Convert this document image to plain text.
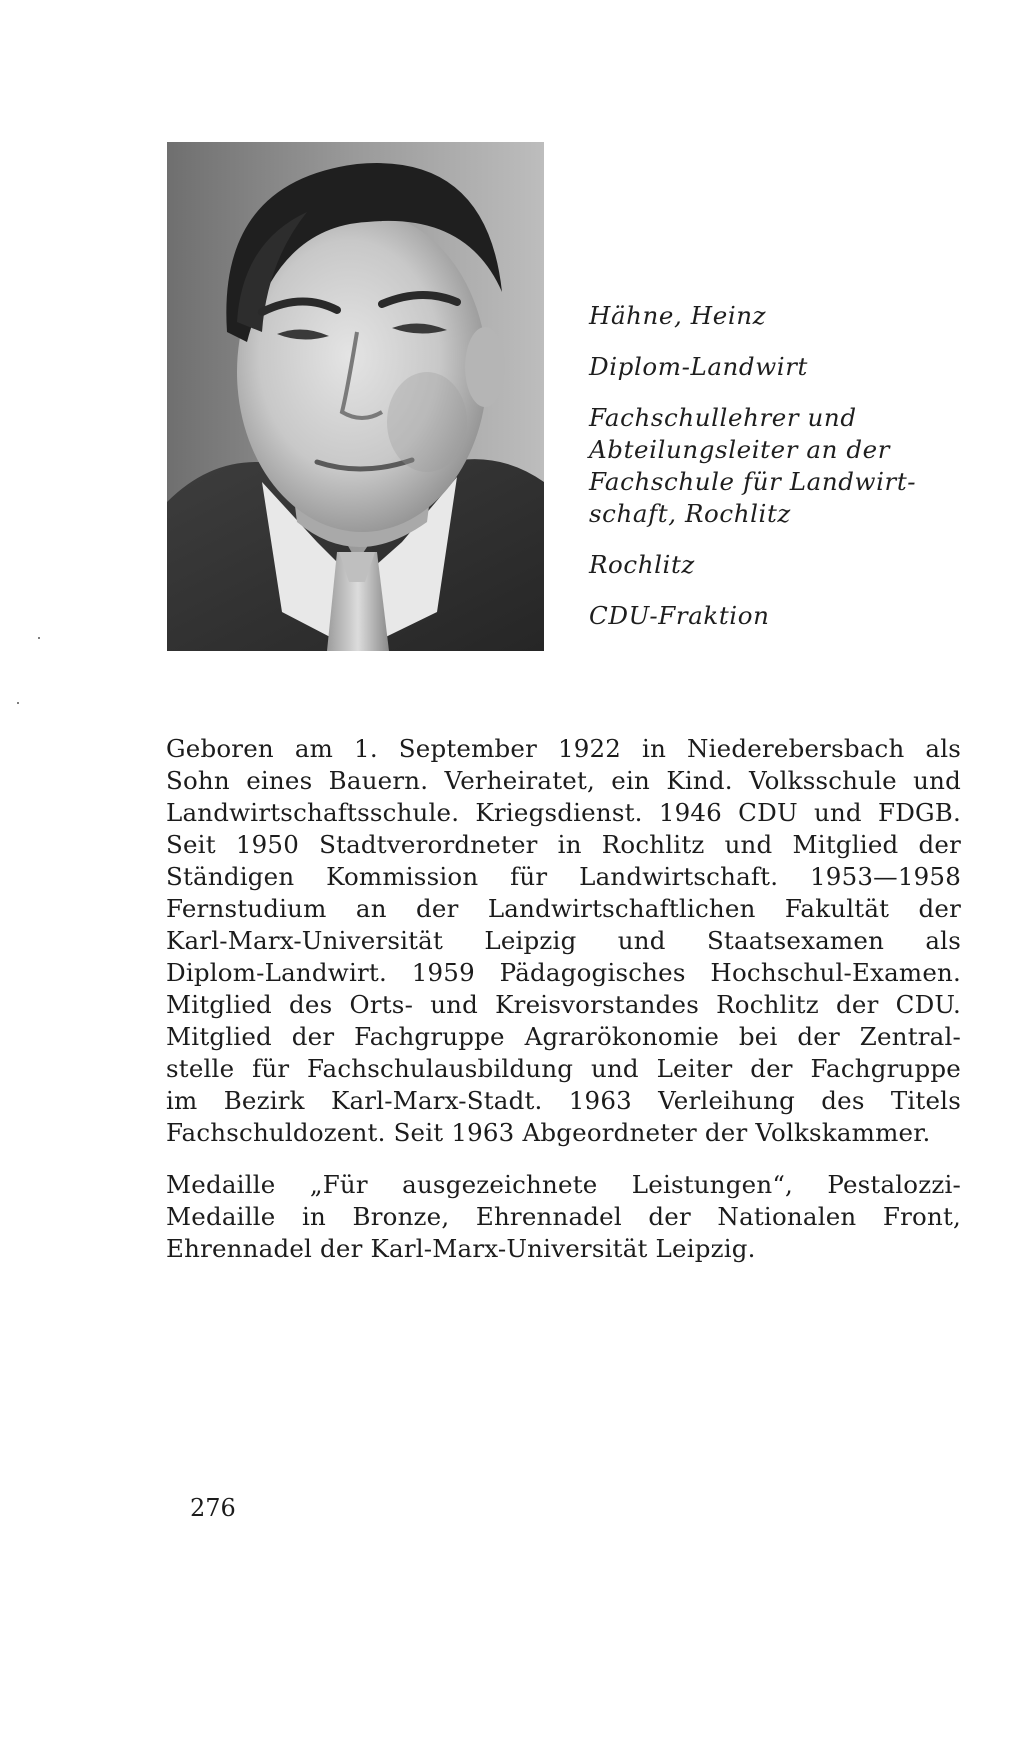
Hähne, Heinz
Diplom-Landwirt
Fachschullehrer und
Abteilungsleiter an der
Fachschule für Landwirt-
schaft, Rochlitz
Rochlitz
CDU-Fraktion
Geboren am 1. September 1922 in Niederebersbach als
Sohn eines Bauern. Verheiratet, ein Kind. Volksschule und
Landwirtschaftsschule. Kriegsdienst. 1946 CDU und FDGB.
Seit 1950 Stadtverordneter in Rochlitz und Mitglied der
Ständigen Kommission für Landwirtschaft. 1953—1958
Fernstudium an der Landwirtschaftlichen Fakultät der
Karl-Marx-Universität Leipzig und Staatsexamen als
Diplom-Landwirt. 1959 Pädagogisches Hochschul-Examen.
Mitglied des Orts- und Kreisvorstandes Rochlitz der CDU.
Mitglied der Fachgruppe Agrarökonomie bei der Zentral-
stelle für Fachschulausbildung und Leiter der Fachgruppe
im Bezirk Karl-Marx-Stadt. 1963 Verleihung des Titels
Fachschuldozent. Seit 1963 Abgeordneter der Volkskammer.
Medaille „Für ausgezeichnete Leistungen“, Pestalozzi-
Medaille in Bronze, Ehrennadel der Nationalen Front,
Ehrennadel der Karl-Marx-Universität Leipzig.
276
